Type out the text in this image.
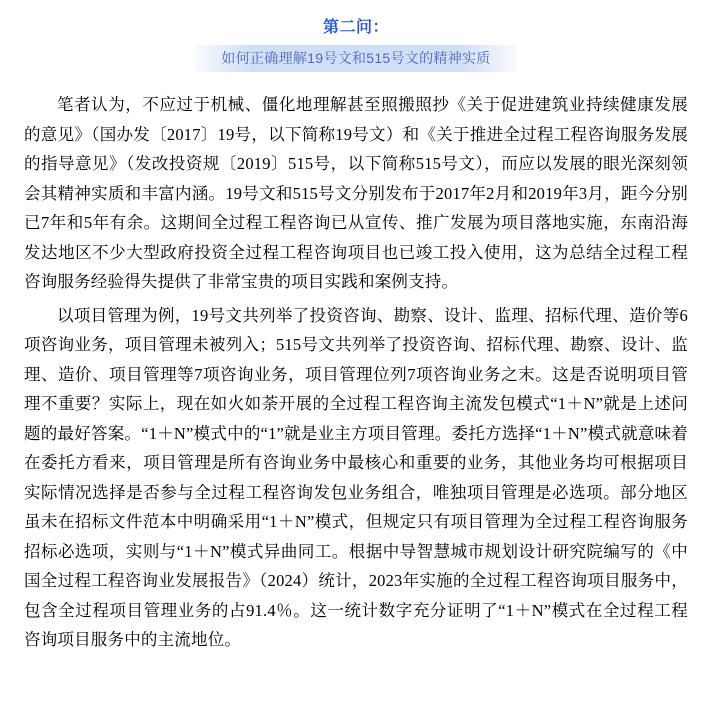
第二问：
如何正确理解19号文和515号文的精神实质

笔者认为，不应过于机械、僵化地理解甚至照搬照抄《关于促进建筑业持续健康发展的意见》（国办发〔2017〕19号，以下简称19号文）和《关于推进全过程工程咨询服务发展的指导意见》（发改投资规〔2019〕515号，以下简称515号文），而应以发展的眼光深刻领会其精神实质和丰富内涵。19号文和515号文分别发布于2017年2月和2019年3月，距今分别已7年和5年有余。这期间全过程工程咨询已从宣传、推广发展为项目落地实施，东南沿海发达地区不少大型政府投资全过程工程咨询项目也已竣工投入使用，这为总结全过程工程咨询服务经验得失提供了非常宝贵的项目实践和案例支持。

以项目管理为例，19号文共列举了投资咨询、勘察、设计、监理、招标代理、造价等6项咨询业务，项目管理未被列入；515号文共列举了投资咨询、招标代理、勘察、设计、监理、造价、项目管理等7项咨询业务，项目管理位列7项咨询业务之末。这是否说明项目管理不重要？实际上，现在如火如荼开展的全过程工程咨询主流发包模式“1＋N”就是上述问题的最好答案。“1＋N”模式中的“1”就是业主方项目管理。委托方选择“1＋N”模式就意味着在委托方看来，项目管理是所有咨询业务中最核心和重要的业务，其他业务均可根据项目实际情况选择是否参与全过程工程咨询发包业务组合，唯独项目管理是必选项。部分地区虽未在招标文件范本中明确采用“1＋N”模式，但规定只有项目管理为全过程工程咨询服务招标必选项，实则与“1＋N”模式异曲同工。根据中导智慧城市规划设计研究院编写的《中国全过程工程咨询业发展报告》（2024）统计，2023年实施的全过程工程咨询项目服务中，包含全过程项目管理业务的占91.4％。这一统计数字充分证明了“1＋N”模式在全过程工程咨询项目服务中的主流地位。
